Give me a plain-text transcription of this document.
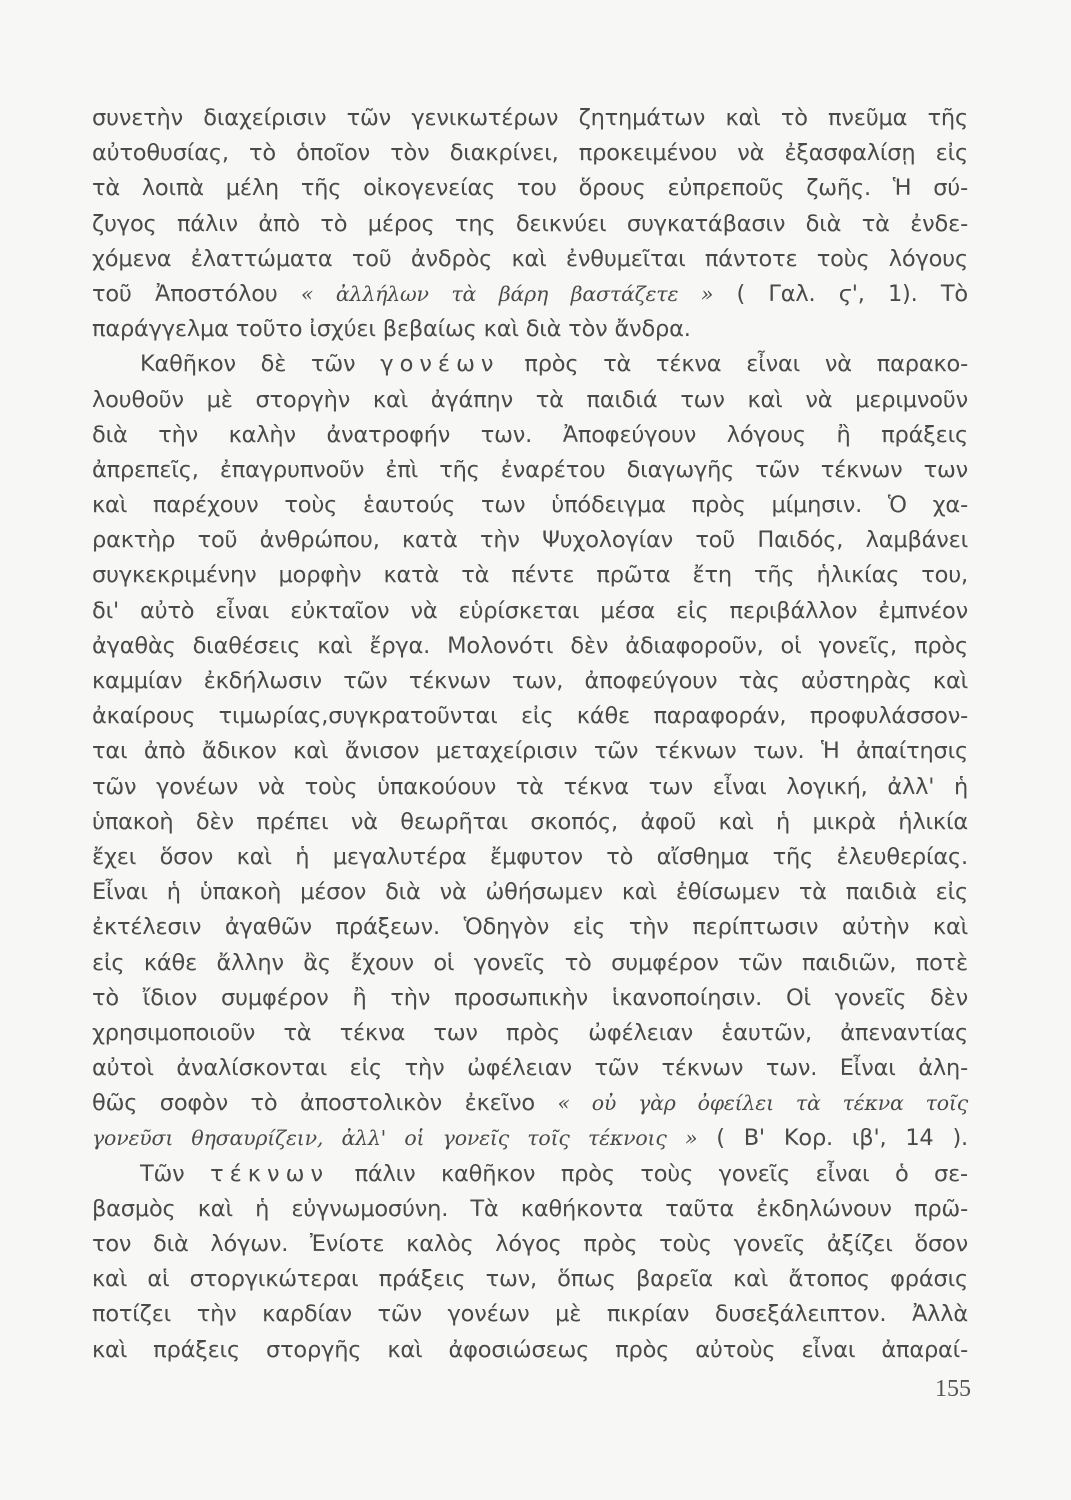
συνετὴν διαχείρισιν τῶν γενικωτέρων ζητημάτων καὶ τὸ πνεῦμα τῆς
αὐτοθυσίας, τὸ ὁποῖον τὸν διακρίνει, προκειμένου νὰ ἐξασφαλίσῃ εἰς
τὰ λοιπὰ μέλη τῆς οἰκογενείας του ὅρους εὐπρεποῦς ζωῆς. Ἡ σύ-
ζυγος πάλιν ἀπὸ τὸ μέρος της δεικνύει συγκατάβασιν διὰ τὰ ἐνδε-
χόμενα ἐλαττώματα τοῦ ἀνδρὸς καὶ ἐνθυμεῖται πάντοτε τοὺς λόγους
τοῦ Ἀποστόλου « ἀλλήλων τὰ βάρη βαστάζετε » ( Γαλ. ϛ', 1). Τὸ
παράγγελμα τοῦτο ἰσχύει βεβαίως καὶ διὰ τὸν ἄνδρα.
Καθῆκον δὲ τῶν γονέων πρὸς τὰ τέκνα εἶναι νὰ παρακο-
λουθοῦν μὲ στοργὴν καὶ ἀγάπην τὰ παιδιά των καὶ νὰ μεριμνοῦν
διὰ τὴν καλὴν ἀνατροφήν των. Ἀποφεύγουν λόγους ἢ πράξεις
ἀπρεπεῖς, ἐπαγρυπνοῦν ἐπὶ τῆς ἐναρέτου διαγωγῆς τῶν τέκνων των
καὶ παρέχουν τοὺς ἑαυτούς των ὑπόδειγμα πρὸς μίμησιν. Ὁ χα-
ρακτὴρ τοῦ ἀνθρώπου, κατὰ τὴν Ψυχολογίαν τοῦ Παιδός, λαμβάνει
συγκεκριμένην μορφὴν κατὰ τὰ πέντε πρῶτα ἔτη τῆς ἡλικίας του,
δι' αὐτὸ εἶναι εὐκταῖον νὰ εὑρίσκεται μέσα εἰς περιβάλλον ἐμπνέον
ἀγαθὰς διαθέσεις καὶ ἔργα. Μολονότι δὲν ἀδιαφοροῦν, οἱ γονεῖς, πρὸς
καμμίαν ἐκδήλωσιν τῶν τέκνων των, ἀποφεύγουν τὰς αὐστηρὰς καὶ
ἀκαίρους τιμωρίας,συγκρατοῦνται εἰς κάθε παραφοράν, προφυλάσσον-
ται ἀπὸ ἄδικον καὶ ἄνισον μεταχείρισιν τῶν τέκνων των. Ἡ ἀπαίτησις
τῶν γονέων νὰ τοὺς ὑπακούουν τὰ τέκνα των εἶναι λογική, ἀλλ' ἡ
ὑπακοὴ δὲν πρέπει νὰ θεωρῆται σκοπός, ἀφοῦ καὶ ἡ μικρὰ ἡλικία
ἔχει ὅσον καὶ ἡ μεγαλυτέρα ἔμφυτον τὸ αἴσθημα τῆς ἐλευθερίας.
Εἶναι ἡ ὑπακοὴ μέσον διὰ νὰ ὠθήσωμεν καὶ ἐθίσωμεν τὰ παιδιὰ εἰς
ἐκτέλεσιν ἀγαθῶν πράξεων. Ὁδηγὸν εἰς τὴν περίπτωσιν αὐτὴν καὶ
εἰς κάθε ἄλλην ἂς ἔχουν οἱ γονεῖς τὸ συμφέρον τῶν παιδιῶν, ποτὲ
τὸ ἴδιον συμφέρον ἢ τὴν προσωπικὴν ἱκανοποίησιν. Οἱ γονεῖς δὲν
χρησιμοποιοῦν τὰ τέκνα των πρὸς ὠφέλειαν ἑαυτῶν, ἀπεναντίας
αὐτοὶ ἀναλίσκονται εἰς τὴν ὠφέλειαν τῶν τέκνων των. Εἶναι ἀλη-
θῶς σοφὸν τὸ ἀποστολικὸν ἐκεῖνο « οὐ γὰρ ὀφείλει τὰ τέκνα τοῖς
γονεῦσι θησαυρίζειν, ἀλλ' οἱ γονεῖς τοῖς τέκνοις » ( Β' Κορ. ιβ', 14 ).
Τῶν τέκνων πάλιν καθῆκον πρὸς τοὺς γονεῖς εἶναι ὁ σε-
βασμὸς καὶ ἡ εὐγνωμοσύνη. Τὰ καθήκοντα ταῦτα ἐκδηλώνουν πρῶ-
τον διὰ λόγων. Ἐνίοτε καλὸς λόγος πρὸς τοὺς γονεῖς ἀξίζει ὅσον
καὶ αἱ στοργικώτεραι πράξεις των, ὅπως βαρεῖα καὶ ἄτοπος φράσις
ποτίζει τὴν καρδίαν τῶν γονέων μὲ πικρίαν δυσεξάλειπτον. Ἀλλὰ
καὶ πράξεις στοργῆς καὶ ἀφοσιώσεως πρὸς αὐτοὺς εἶναι ἀπαραί-
155
